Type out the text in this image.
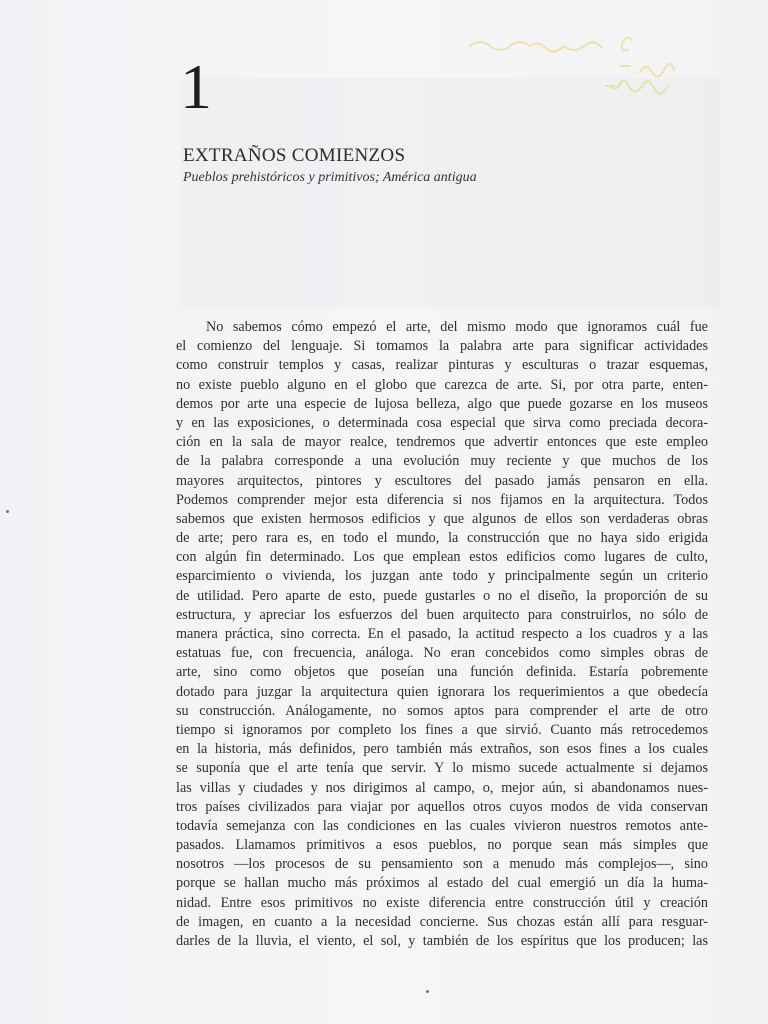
1
EXTRAÑOS COMIENZOS
Pueblos prehistóricos y primitivos; América antigua
No sabemos cómo empezó el arte, del mismo modo que ignoramos cuál fue
el comienzo del lenguaje. Si tomamos la palabra arte para significar actividades
como construir templos y casas, realizar pinturas y esculturas o trazar esquemas,
no existe pueblo alguno en el globo que carezca de arte. Si, por otra parte, enten-
demos por arte una especie de lujosa belleza, algo que puede gozarse en los museos
y en las exposiciones, o determinada cosa especial que sirva como preciada decora-
ción en la sala de mayor realce, tendremos que advertir entonces que este empleo
de la palabra corresponde a una evolución muy reciente y que muchos de los
mayores arquitectos, pintores y escultores del pasado jamás pensaron en ella.
Podemos comprender mejor esta diferencia si nos fijamos en la arquitectura. Todos
sabemos que existen hermosos edificios y que algunos de ellos son verdaderas obras
de arte; pero rara es, en todo el mundo, la construcción que no haya sido erigida
con algún fin determinado. Los que emplean estos edificios como lugares de culto,
esparcimiento o vivienda, los juzgan ante todo y principalmente según un criterio
de utilidad. Pero aparte de esto, puede gustarles o no el diseño, la proporción de su
estructura, y apreciar los esfuerzos del buen arquitecto para construirlos, no sólo de
manera práctica, sino correcta. En el pasado, la actitud respecto a los cuadros y a las
estatuas fue, con frecuencia, análoga. No eran concebidos como simples obras de
arte, sino como objetos que poseían una función definida. Estaría pobremente
dotado para juzgar la arquitectura quien ignorara los requerimientos a que obedecía
su construcción. Análogamente, no somos aptos para comprender el arte de otro
tiempo si ignoramos por completo los fines a que sirvió. Cuanto más retrocedemos
en la historia, más definidos, pero también más extraños, son esos fines a los cuales
se suponía que el arte tenía que servir. Y lo mismo sucede actualmente si dejamos
las villas y ciudades y nos dirigimos al campo, o, mejor aún, si abandonamos nues-
tros países civilizados para viajar por aquellos otros cuyos modos de vida conservan
todavía semejanza con las condiciones en las cuales vivieron nuestros remotos ante-
pasados. Llamamos primitivos a esos pueblos, no porque sean más simples que
nosotros —los procesos de su pensamiento son a menudo más complejos—, sino
porque se hallan mucho más próximos al estado del cual emergió un día la huma-
nidad. Entre esos primitivos no existe diferencia entre construcción útil y creación
de imagen, en cuanto a la necesidad concierne. Sus chozas están allí para resguar-
darles de la lluvia, el viento, el sol, y también de los espíritus que los producen; las
